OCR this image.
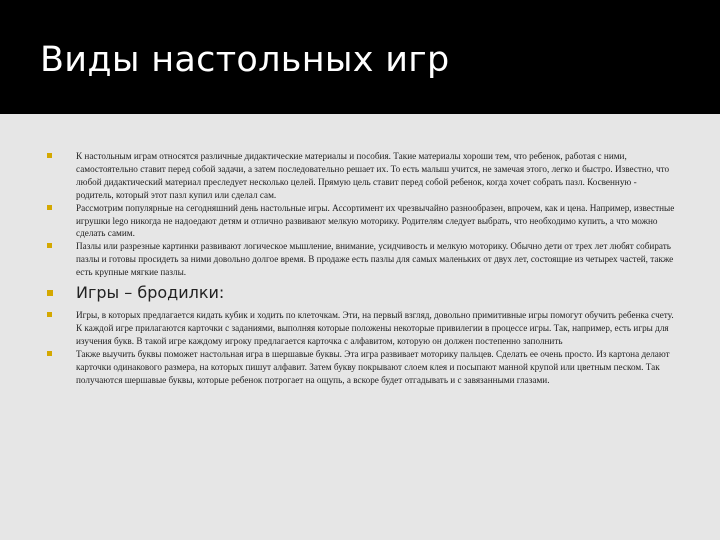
Виды настольных игр

К настольным играм относятся различные дидактические материалы и пособия. Такие материалы хороши тем, что ребенок, работая с ними, самостоятельно ставит перед собой задачи, а затем последовательно решает их. То есть малыш учится, не замечая этого, легко и быстро. Известно, что любой дидактический материал преследует несколько целей. Прямую цель ставит перед собой ребенок, когда хочет собрать пазл. Косвенную - родитель, который этот пазл купил или сделал сам.

Рассмотрим популярные на сегодняшний день настольные игры. Ассортимент их чрезвычайно разнообразен, впрочем, как и цена. Например, известные игрушки lego никогда не надоедают детям и отлично развивают мелкую моторику. Родителям следует выбрать, что необходимо купить, а что можно сделать самим.

Пазлы или разрезные картинки развивают логическое мышление, внимание, усидчивость и мелкую моторику. Обычно дети от трех лет любят собирать пазлы и готовы просидеть за ними довольно долгое время. В продаже есть пазлы для самых маленьких от двух лет, состоящие из четырех частей, также есть крупные мягкие пазлы.

Игры – бродилки:

Игры, в которых предлагается кидать кубик и ходить по клеточкам. Эти, на первый взгляд, довольно примитивные игры помогут обучить ребенка счету. К каждой игре прилагаются карточки с заданиями, выполняя которые положены некоторые привилегии в процессе игры. Так, например, есть игры для изучения букв. В такой игре каждому игроку предлагается карточка с алфавитом, которую он должен постепенно заполнить

Также выучить буквы поможет настольная игра в шершавые буквы. Эта игра развивает моторику пальцев. Сделать ее очень просто. Из картона делают карточки одинакового размера, на которых пишут алфавит. Затем букву покрывают слоем клея и посыпают манной крупой или цветным песком. Так получаются шершавые буквы, которые ребенок потрогает на ощупь, а вскоре будет отгадывать и с завязанными глазами.
